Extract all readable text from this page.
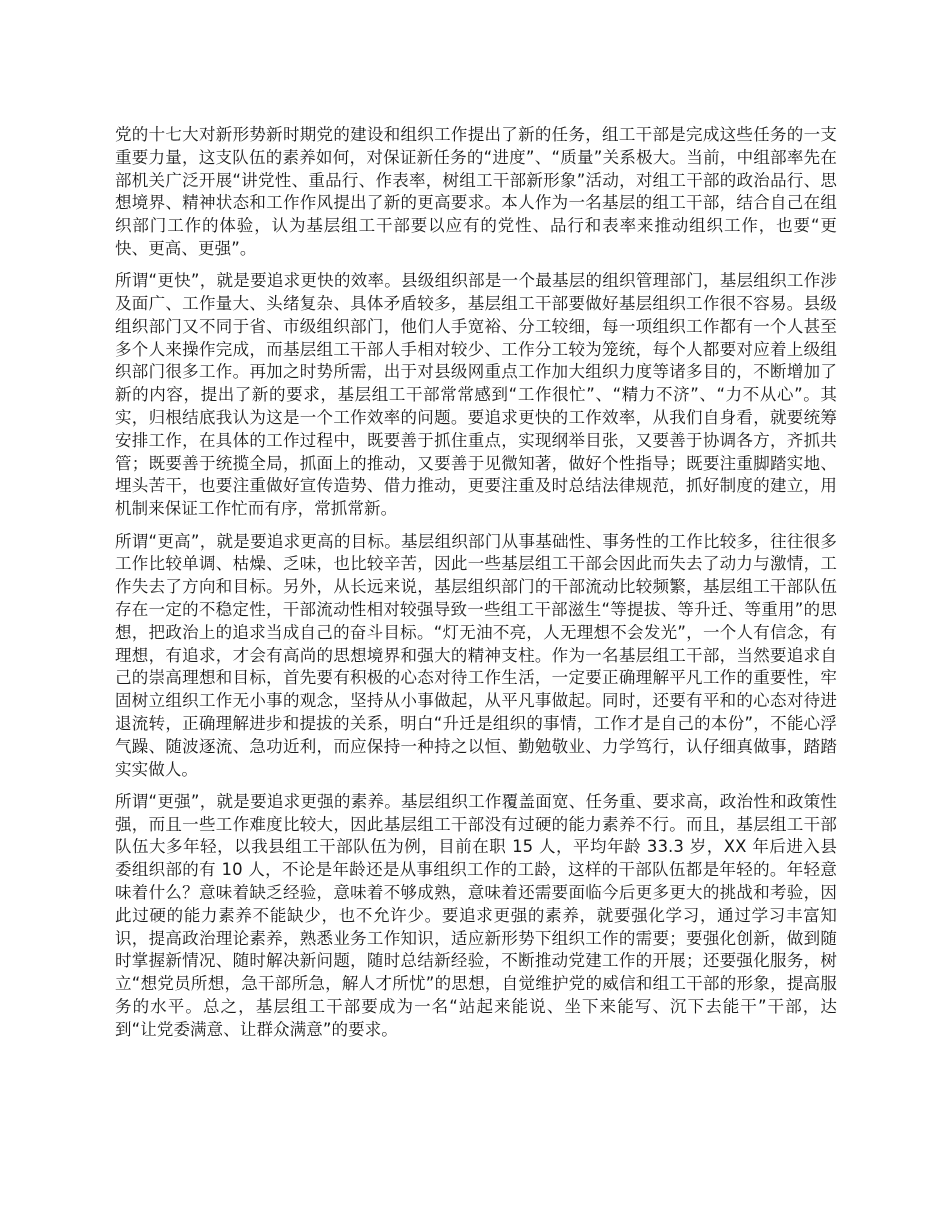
党的十七大对新形势新时期党的建设和组织工作提出了新的任务，组工干部是完成这些任务的一支重要力量，这支队伍的素养如何，对保证新任务的“进度”、“质量”关系极大。当前，中组部率先在部机关广泛开展“讲党性、重品行、作表率，树组工干部新形象”活动，对组工干部的政治品行、思想境界、精神状态和工作作风提出了新的更高要求。本人作为一名基层的组工干部，结合自己在组织部门工作的体验，认为基层组工干部要以应有的党性、品行和表率来推动组织工作，也要“更快、更高、更强”。

所谓“更快”，就是要追求更快的效率。县级组织部是一个最基层的组织管理部门，基层组织工作涉及面广、工作量大、头绪复杂、具体矛盾较多，基层组工干部要做好基层组织工作很不容易。县级组织部门又不同于省、市级组织部门，他们人手宽裕、分工较细，每一项组织工作都有一个人甚至多个人来操作完成，而基层组工干部人手相对较少、工作分工较为笼统，每个人都要对应着上级组织部门很多工作。再加之时势所需，出于对县级网重点工作加大组织力度等诸多目的，不断增加了新的内容，提出了新的要求，基层组工干部常常感到“工作很忙”、“精力不济”、“力不从心”。其实，归根结底我认为这是一个工作效率的问题。要追求更快的工作效率，从我们自身看，就要统筹安排工作，在具体的工作过程中，既要善于抓住重点，实现纲举目张，又要善于协调各方，齐抓共管；既要善于统揽全局，抓面上的推动，又要善于见微知著，做好个性指导；既要注重脚踏实地、埋头苦干，也要注重做好宣传造势、借力推动，更要注重及时总结法律规范，抓好制度的建立，用机制来保证工作忙而有序，常抓常新。

所谓“更高”，就是要追求更高的目标。基层组织部门从事基础性、事务性的工作比较多，往往很多工作比较单调、枯燥、乏味，也比较辛苦，因此一些基层组工干部会因此而失去了动力与激情，工作失去了方向和目标。另外，从长远来说，基层组织部门的干部流动比较频繁，基层组工干部队伍存在一定的不稳定性，干部流动性相对较强导致一些组工干部滋生“等提拔、等升迁、等重用”的思想，把政治上的追求当成自己的奋斗目标。“灯无油不亮，人无理想不会发光”，一个人有信念，有理想，有追求，才会有高尚的思想境界和强大的精神支柱。作为一名基层组工干部，当然要追求自己的崇高理想和目标，首先要有积极的心态对待工作生活，一定要正确理解平凡工作的重要性，牢固树立组织工作无小事的观念，坚持从小事做起，从平凡事做起。同时，还要有平和的心态对待进退流转，正确理解进步和提拔的关系，明白“升迁是组织的事情，工作才是自己的本份”，不能心浮气躁、随波逐流、急功近利，而应保持一种持之以恒、勤勉敬业、力学笃行，认仔细真做事，踏踏实实做人。

所谓“更强”，就是要追求更强的素养。基层组织工作覆盖面宽、任务重、要求高，政治性和政策性强，而且一些工作难度比较大，因此基层组工干部没有过硬的能力素养不行。而且，基层组工干部队伍大多年轻，以我县组工干部队伍为例，目前在职 15 人，平均年龄 33.3 岁，XX 年后进入县委组织部的有 10 人，不论是年龄还是从事组织工作的工龄，这样的干部队伍都是年轻的。年轻意味着什么？意味着缺乏经验，意味着不够成熟，意味着还需要面临今后更多更大的挑战和考验，因此过硬的能力素养不能缺少，也不允许少。要追求更强的素养，就要强化学习，通过学习丰富知识，提高政治理论素养，熟悉业务工作知识，适应新形势下组织工作的需要；要强化创新，做到随时掌握新情况、随时解决新问题，随时总结新经验，不断推动党建工作的开展；还要强化服务，树立“想党员所想，急干部所急，解人才所忧”的思想，自觉维护党的威信和组工干部的形象，提高服务的水平。总之，基层组工干部要成为一名“站起来能说、坐下来能写、沉下去能干”干部，达到“让党委满意、让群众满意”的要求。
